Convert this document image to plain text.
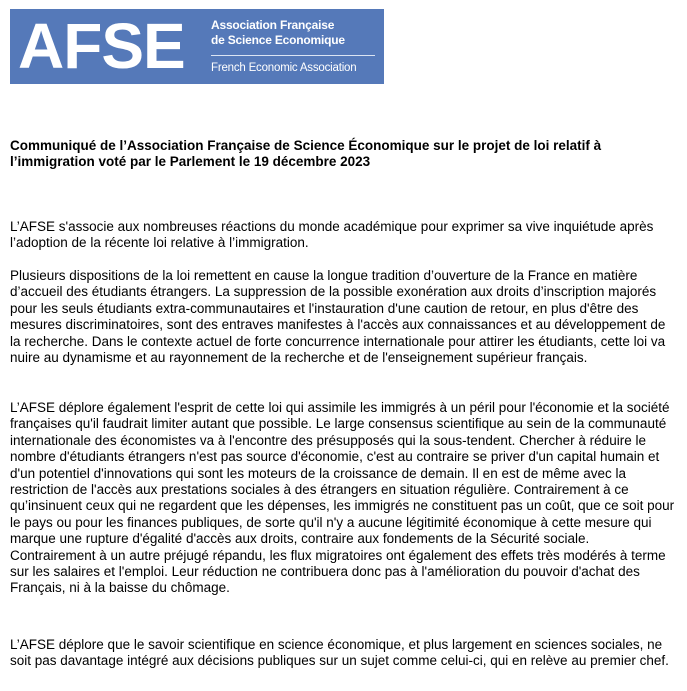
AFSE Association Française
de Science Economique
French Economic Association
Communiqué de l’Association Française de Science Économique sur le projet de loi relatif à l’immigration voté par le Parlement le 19 décembre 2023

L’AFSE s'associe aux nombreuses réactions du monde académique pour exprimer sa vive inquiétude après l’adoption de la récente loi relative à l’immigration.

Plusieurs dispositions de la loi remettent en cause la longue tradition d’ouverture de la France en matière d’accueil des étudiants étrangers. La suppression de la possible exonération aux droits d’inscription majorés pour les seuls étudiants extra-communautaires et l'instauration d'une caution de retour, en plus d'être des mesures discriminatoires, sont des entraves manifestes à l'accès aux connaissances et au développement de la recherche. Dans le contexte actuel de forte concurrence internationale pour attirer les étudiants, cette loi va nuire au dynamisme et au rayonnement de la recherche et de l'enseignement supérieur français.

L’AFSE déplore également l'esprit de cette loi qui assimile les immigrés à un péril pour l'économie et la société françaises qu'il faudrait limiter autant que possible. Le large consensus scientifique au sein de la communauté internationale des économistes va à l'encontre des présupposés qui la sous-tendent. Chercher à réduire le nombre d'étudiants étrangers n'est pas source d'économie, c'est au contraire se priver d'un capital humain et d'un potentiel d'innovations qui sont les moteurs de la croissance de demain. Il en est de même avec la restriction de l'accès aux prestations sociales à des étrangers en situation régulière. Contrairement à ce qu’insinuent ceux qui ne regardent que les dépenses, les immigrés ne constituent pas un coût, que ce soit pour le pays ou pour les finances publiques, de sorte qu'il n'y a aucune légitimité économique à cette mesure qui marque une rupture d'égalité d'accès aux droits, contraire aux fondements de la Sécurité sociale. Contrairement à un autre préjugé répandu, les flux migratoires ont également des effets très modérés à terme sur les salaires et l'emploi. Leur réduction ne contribuera donc pas à l'amélioration du pouvoir d'achat des Français, ni à la baisse du chômage.

L’AFSE déplore que le savoir scientifique en science économique, et plus largement en sciences sociales, ne soit pas davantage intégré aux décisions publiques sur un sujet comme celui-ci, qui en relève au premier chef.
